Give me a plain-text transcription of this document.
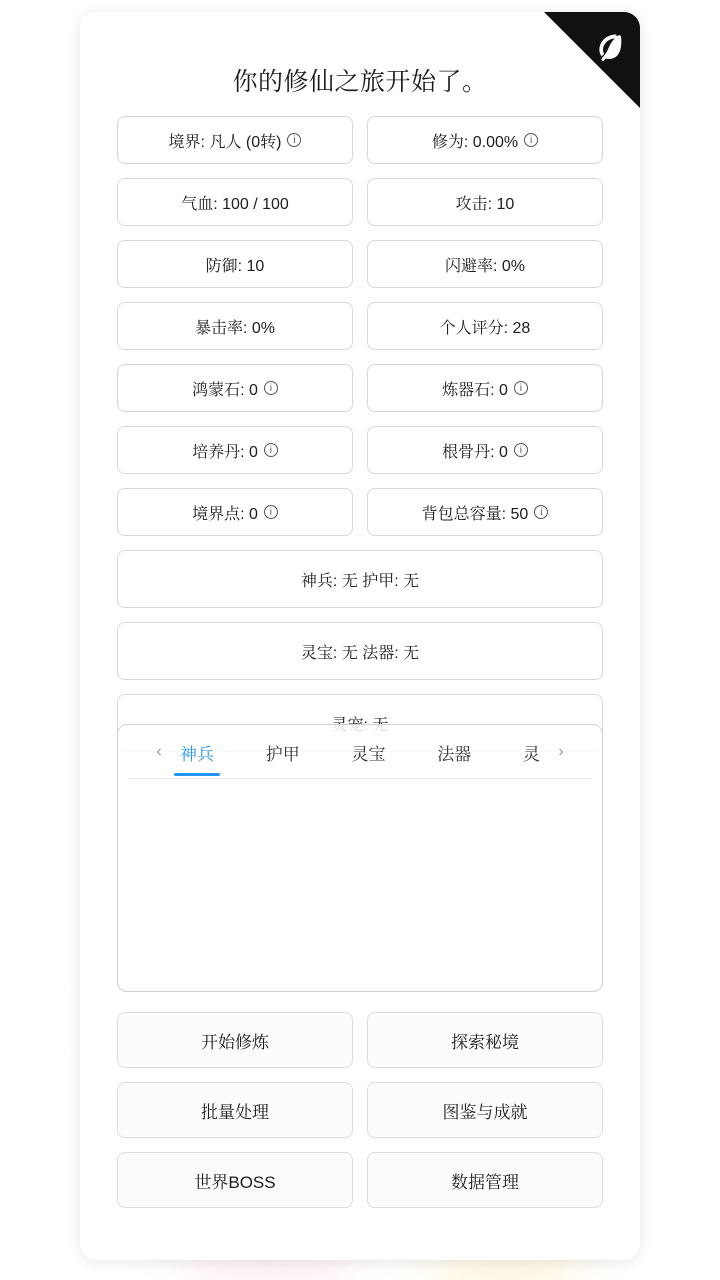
你的修仙之旅开始了。
境界: 凡人 (0转)	i	修为: 0.00%	i
气血: 100 / 100	攻击: 10
防御: 10	闪避率: 0%
暴击率: 0%	个人评分: 28
鸿蒙石: 0	i	炼器石: 0	i
培养丹: 0	i	根骨丹: 0	i
境界点: 0	i	背包总容量: 50	i
神兵: 无 护甲: 无
灵宝: 无 法器: 无
‹	神兵	护甲	灵宝	法器	灵	›
开始修炼	探索秘境
批量处理	图鉴与成就
世界BOSS	数据管理
